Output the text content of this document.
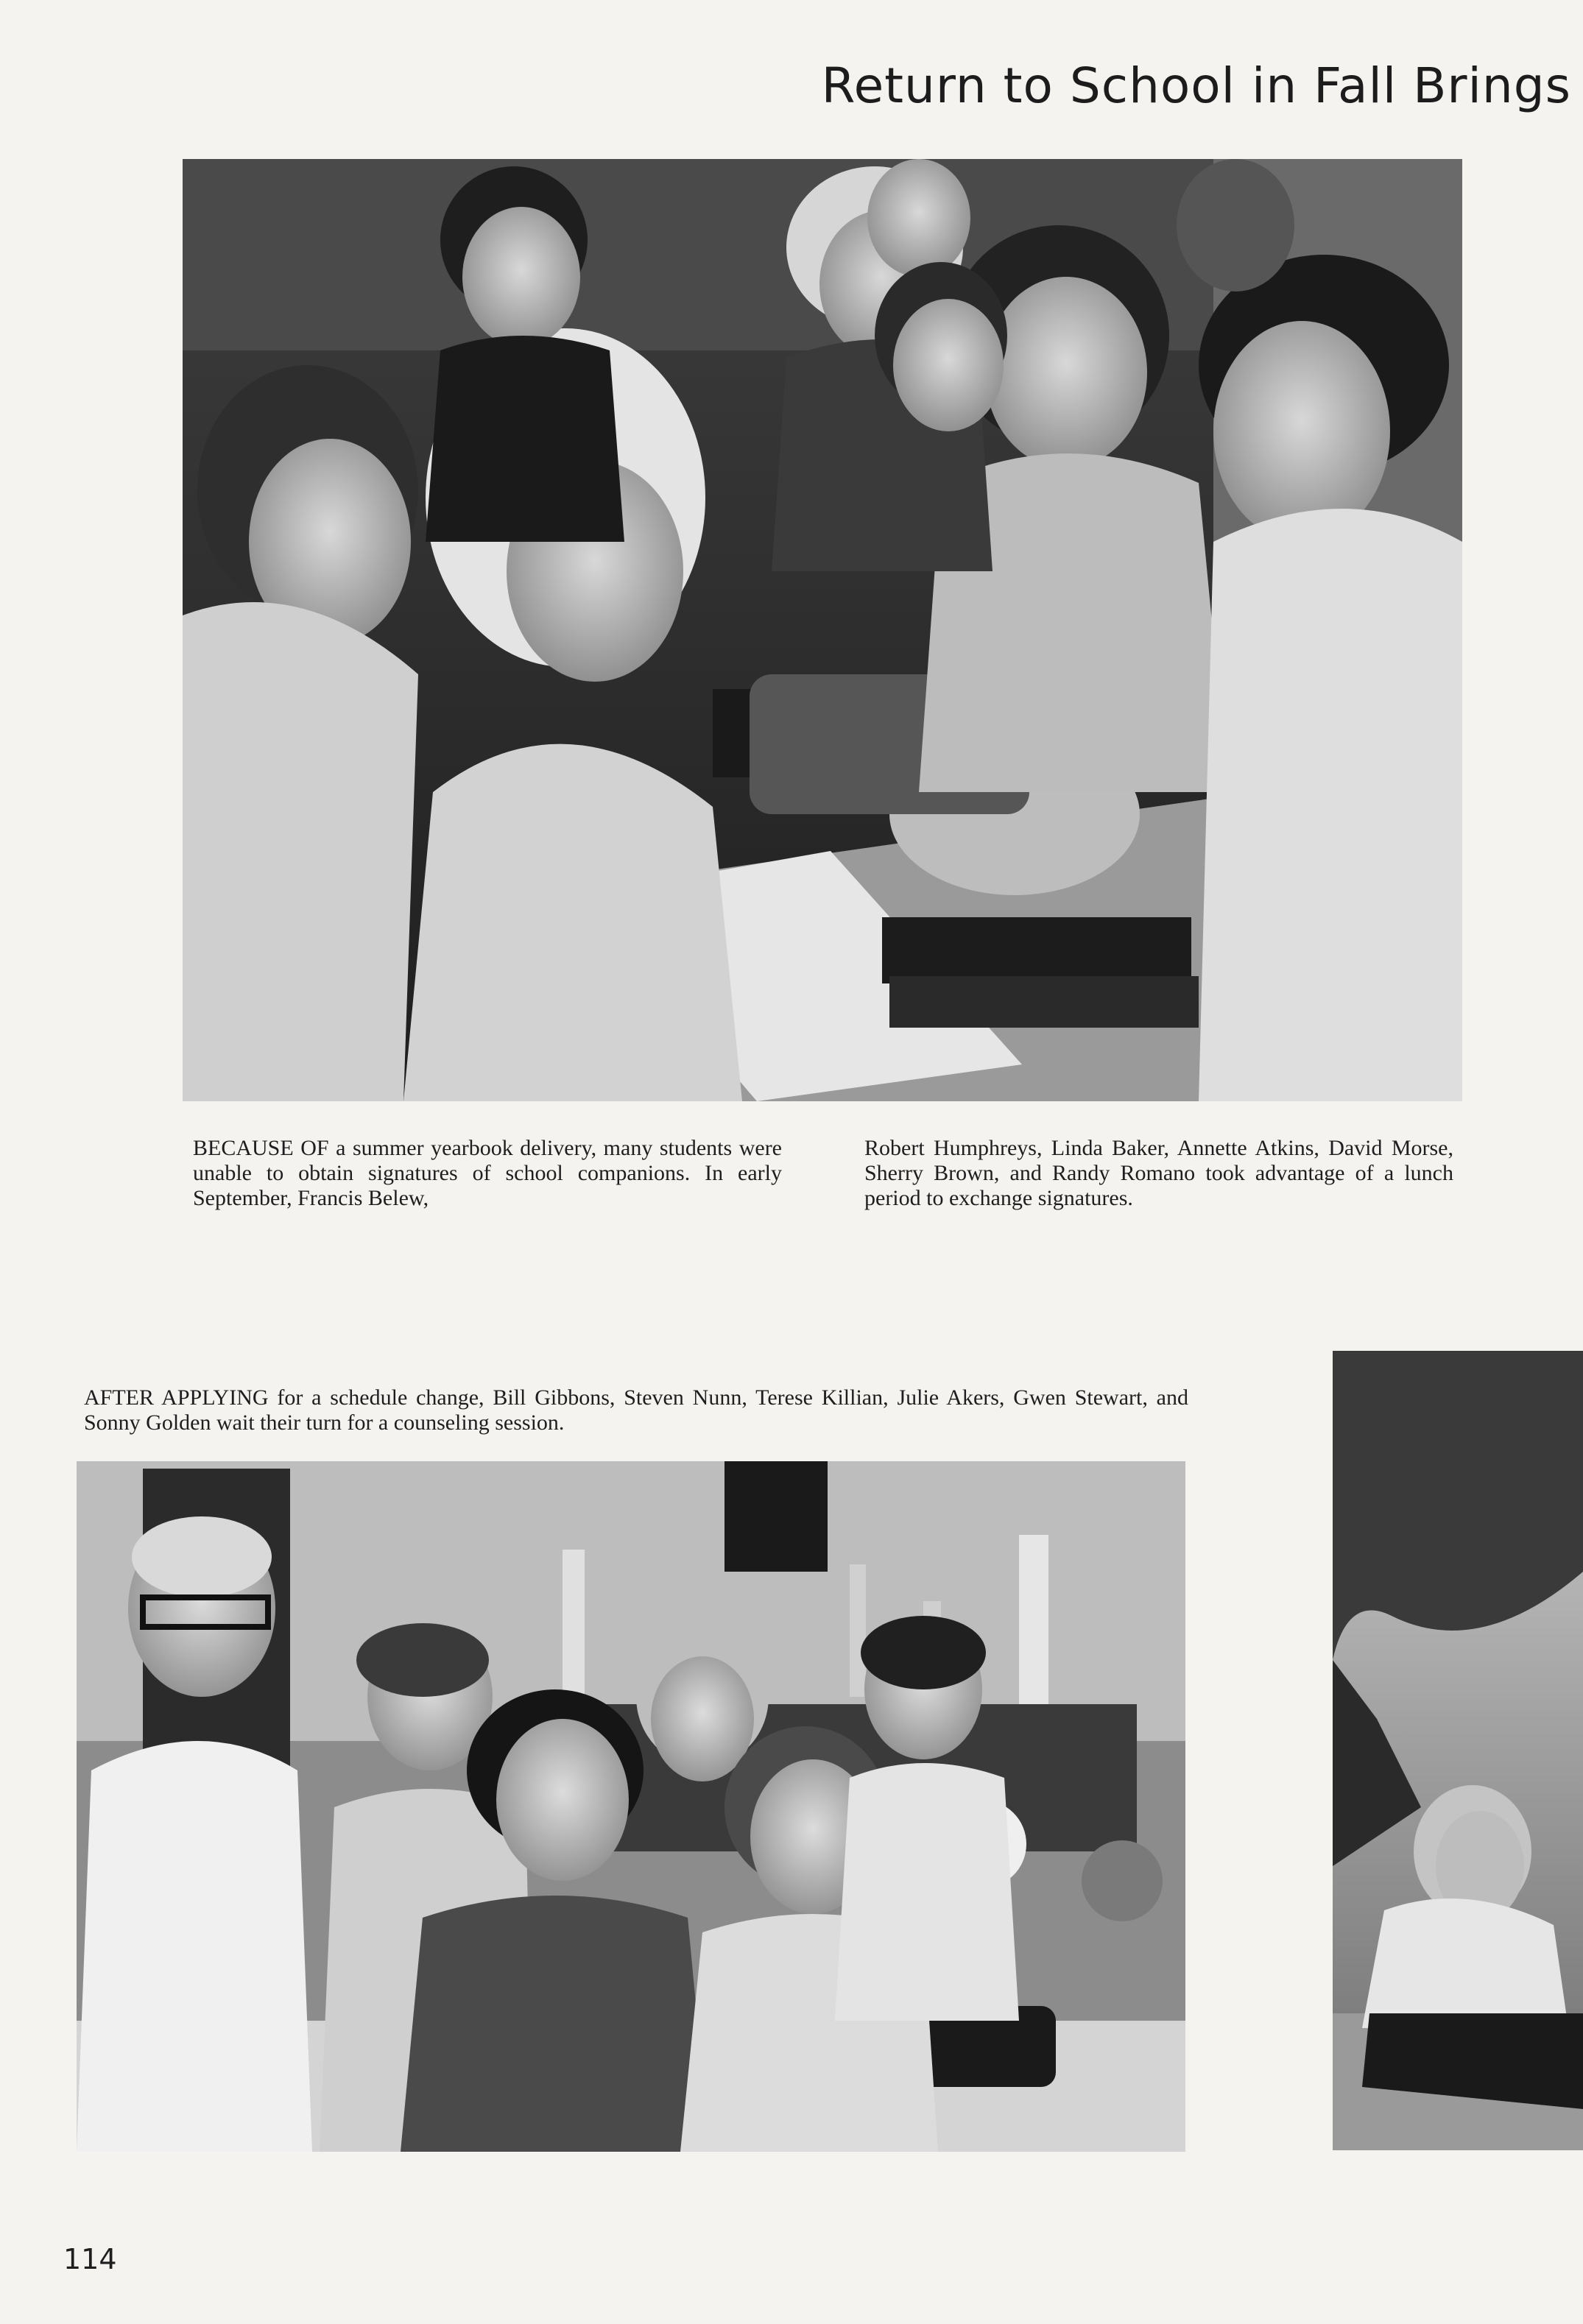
Return to School in Fall Brings

BECAUSE OF a summer yearbook delivery, many students were unable to obtain signatures of school companions. In early September, Francis Belew,

Robert Humphreys, Linda Baker, Annette Atkins, David Morse, Sherry Brown, and Randy Romano took advantage of a lunch period to exchange signatures.

AFTER APPLYING for a schedule change, Bill Gibbons, Steven Nunn, Terese Killian, Julie Akers, Gwen Stewart, and Sonny Golden wait their turn for a counseling session.

114
